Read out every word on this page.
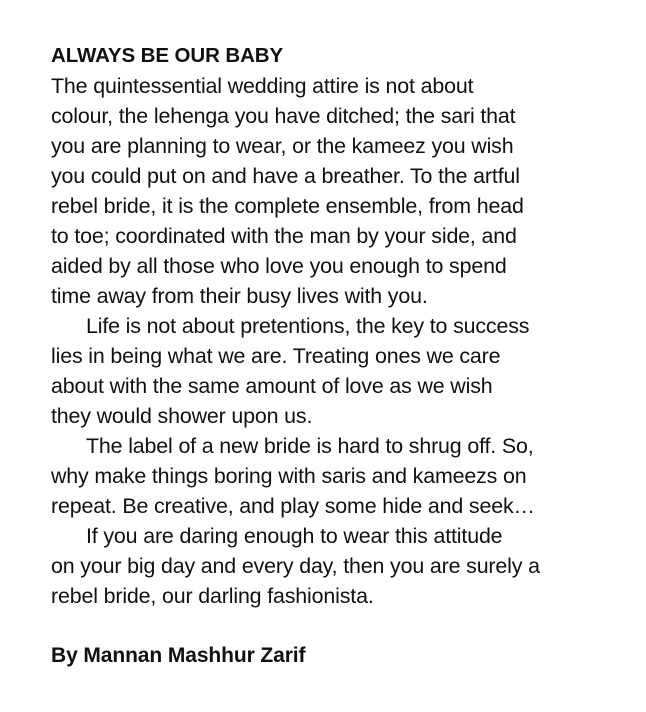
ALWAYS BE OUR BABY
The quintessential wedding attire is not about
colour, the lehenga you have ditched; the sari that
you are planning to wear, or the kameez you wish
you could put on and have a breather. To the artful
rebel bride, it is the complete ensemble, from head
to toe; coordinated with the man by your side, and
aided by all those who love you enough to spend
time away from their busy lives with you.
Life is not about pretentions, the key to success
lies in being what we are. Treating ones we care
about with the same amount of love as we wish
they would shower upon us.
The label of a new bride is hard to shrug off. So,
why make things boring with saris and kameezs on
repeat. Be creative, and play some hide and seek…
If you are daring enough to wear this attitude
on your big day and every day, then you are surely a
rebel bride, our darling fashionista.
By Mannan Mashhur Zarif
